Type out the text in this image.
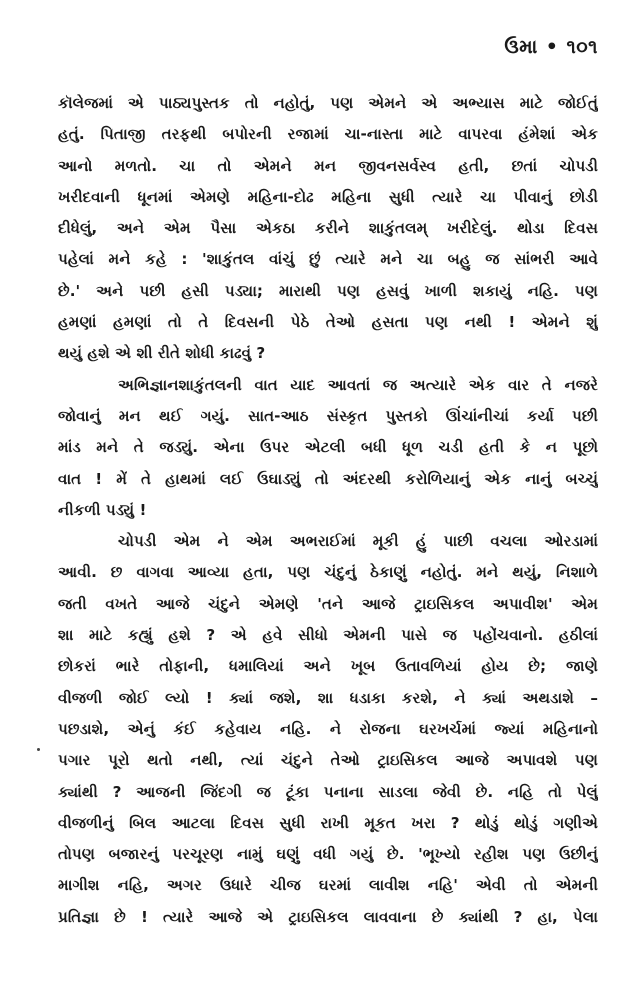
ઉમા • ૧૦૧
કૉલેજમાં એ પાઠ્યપુસ્તક તો નહોતું, પણ એમને એ અભ્યાસ માટે જોઈતું
હતું. પિતાજી તરફથી બપોરની રજામાં ચા-નાસ્તા માટે વાપરવા હંમેશાં એક
આનો મળતો. ચા તો એમને મન જીવનસર્વસ્વ હતી, છતાં ચોપડી
ખરીદવાની ધૂનમાં એમણે મહિના-દોઢ મહિના સુધી ત્યારે ચા પીવાનું છોડી
દીધેલું, અને એમ પૈસા એકઠા કરીને શાકુંતલમ્ ખરીદેલું. થોડા દિવસ
પહેલાં મને કહે : 'શાકુંતલ વાંચું છું ત્યારે મને ચા બહુ જ સાંભરી આવે
છે.' અને પછી હસી પડ્યા; મારાથી પણ હસવું ખાળી શકાયું નહિ. પણ
હમણાં હમણાં તો તે દિવસની પેઠે તેઓ હસતા પણ નથી ! એમને શું
થયું હશે એ શી રીતે શોધી કાઢવું ?
અભિજ્ઞાનશાકુંતલની વાત યાદ આવતાં જ અત્યારે એક વાર તે નજરે
જોવાનું મન થઈ ગયું. સાત-આઠ સંસ્કૃત પુસ્તકો ઊંચાંનીચાં કર્યા પછી
માંડ મને તે જડ્યું. એના ઉપર એટલી બધી ધૂળ ચડી હતી કે ન પૂછો
વાત ! મેં તે હાથમાં લઈ ઉઘાડ્યું તો અંદરથી કરોળિયાનું એક નાનું બચ્ચું
નીકળી પડ્યું !
ચોપડી એમ ને એમ અભરાઈમાં મૂકી હું પાછી વચલા ઓરડામાં
આવી. છ વાગવા આવ્યા હતા, પણ ચંદુનું ઠેકાણું નહોતું. મને થયું, નિશાળે
જતી વખતે આજે ચંદુને એમણે 'તને આજે ટ્રાઇસિકલ અપાવીશ' એમ
શા માટે કહ્યું હશે ? એ હવે સીધો એમની પાસે જ પહોંચવાનો. હઠીલાં
છોકરાં ભારે તોફાની, ધમાલિયાં અને ખૂબ ઉતાવળિયાં હોય છે; જાણે
વીજળી જોઈ લ્યો ! ક્યાં જશે, શા ધડાકા કરશે, ને ક્યાં અથડાશે –
પછડાશે, એનું કંઈ કહેવાય નહિ. ને રોજના ઘરખર્ચમાં જ્યાં મહિનાનો
પગાર પૂરો થતો નથી, ત્યાં ચંદુને તેઓ ટ્રાઇસિકલ આજે અપાવશે પણ
ક્યાંથી ? આજની જિંદગી જ ટૂંકા પનાના સાડલા જેવી છે. નહિ તો પેલું
વીજળીનું બિલ આટલા દિવસ સુધી રાખી મૂકત ખરા ? થોડું થોડું ગણીએ
તોપણ બજારનું પરચૂરણ નામું ઘણું વધી ગયું છે. 'ભૂખ્યો રહીશ પણ ઉછીનું
માગીશ નહિ, અગર ઉધારે ચીજ ઘરમાં લાવીશ નહિ' એવી તો એમની
પ્રતિજ્ઞા છે ! ત્યારે આજે એ ટ્રાઇસિકલ લાવવાના છે ક્યાંથી ? હા, પેલા
